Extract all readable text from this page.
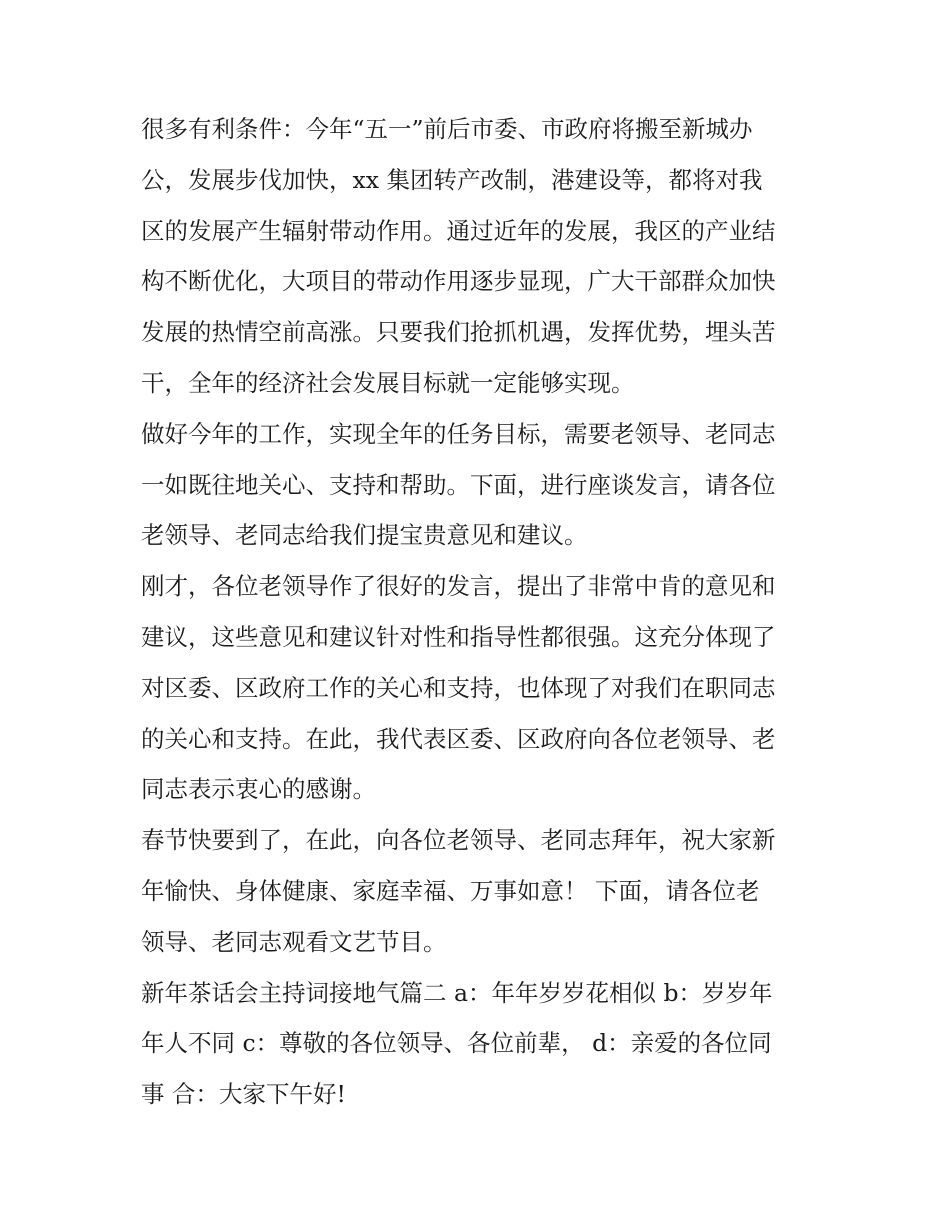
很多有利条件：今年“五一”前后市委、市政府将搬至新城办
公，发展步伐加快，xx 集团转产改制，港建设等，都将对我
区的发展产生辐射带动作用。通过近年的发展，我区的产业结
构不断优化，大项目的带动作用逐步显现，广大干部群众加快
发展的热情空前高涨。只要我们抢抓机遇，发挥优势，埋头苦
干，全年的经济社会发展目标就一定能够实现。

做好今年的工作，实现全年的任务目标，需要老领导、老同志
一如既往地关心、支持和帮助。下面，进行座谈发言，请各位
老领导、老同志给我们提宝贵意见和建议。

刚才，各位老领导作了很好的发言，提出了非常中肯的意见和
建议，这些意见和建议针对性和指导性都很强。这充分体现了
对区委、区政府工作的关心和支持，也体现了对我们在职同志
的关心和支持。在此，我代表区委、区政府向各位老领导、老
同志表示衷心的感谢。

春节快要到了，在此，向各位老领导、老同志拜年，祝大家新
年愉快、身体健康、家庭幸福、万事如意！ 下面，请各位老
领导、老同志观看文艺节目。

新年茶话会主持词接地气篇二 a：年年岁岁花相似 b：岁岁年
年人不同 c：尊敬的各位领导、各位前辈， d：亲爱的各位同
事 合：大家下午好!
